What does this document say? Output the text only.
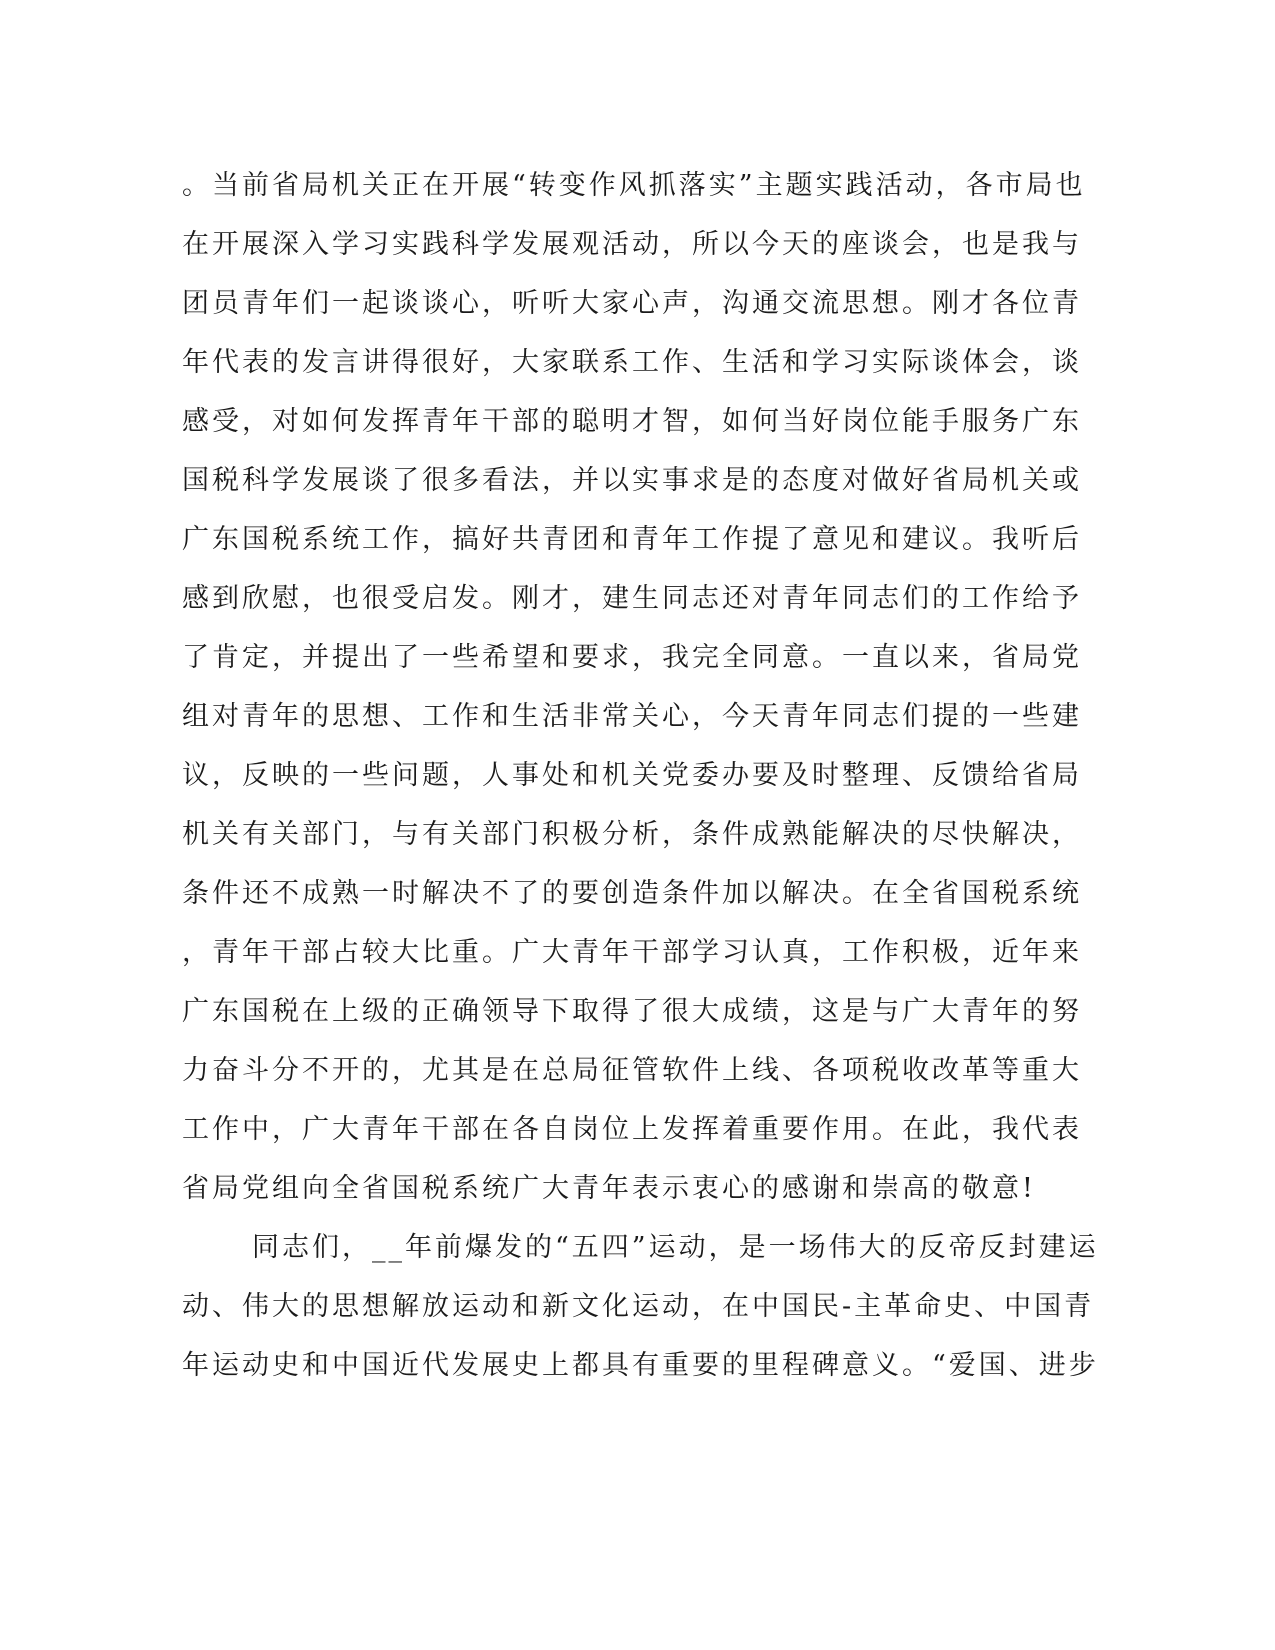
。当前省局机关正在开展“转变作风抓落实”主题实践活动，各市局也
在开展深入学习实践科学发展观活动，所以今天的座谈会，也是我与
团员青年们一起谈谈心，听听大家心声，沟通交流思想。刚才各位青
年代表的发言讲得很好，大家联系工作、生活和学习实际谈体会，谈
感受，对如何发挥青年干部的聪明才智，如何当好岗位能手服务广东
国税科学发展谈了很多看法，并以实事求是的态度对做好省局机关或
广东国税系统工作，搞好共青团和青年工作提了意见和建议。我听后
感到欣慰，也很受启发。刚才，建生同志还对青年同志们的工作给予
了肯定，并提出了一些希望和要求，我完全同意。一直以来，省局党
组对青年的思想、工作和生活非常关心，今天青年同志们提的一些建
议，反映的一些问题，人事处和机关党委办要及时整理、反馈给省局
机关有关部门，与有关部门积极分析，条件成熟能解决的尽快解决，
条件还不成熟一时解决不了的要创造条件加以解决。在全省国税系统
，青年干部占较大比重。广大青年干部学习认真，工作积极，近年来
广东国税在上级的正确领导下取得了很大成绩，这是与广大青年的努
力奋斗分不开的，尤其是在总局征管软件上线、各项税收改革等重大
工作中，广大青年干部在各自岗位上发挥着重要作用。在此，我代表
省局党组向全省国税系统广大青年表示衷心的感谢和崇高的敬意!
同志们，__年前爆发的“五四”运动，是一场伟大的反帝反封建运
动、伟大的思想解放运动和新文化运动，在中国民-主革命史、中国青
年运动史和中国近代发展史上都具有重要的里程碑意义。“爱国、进步
